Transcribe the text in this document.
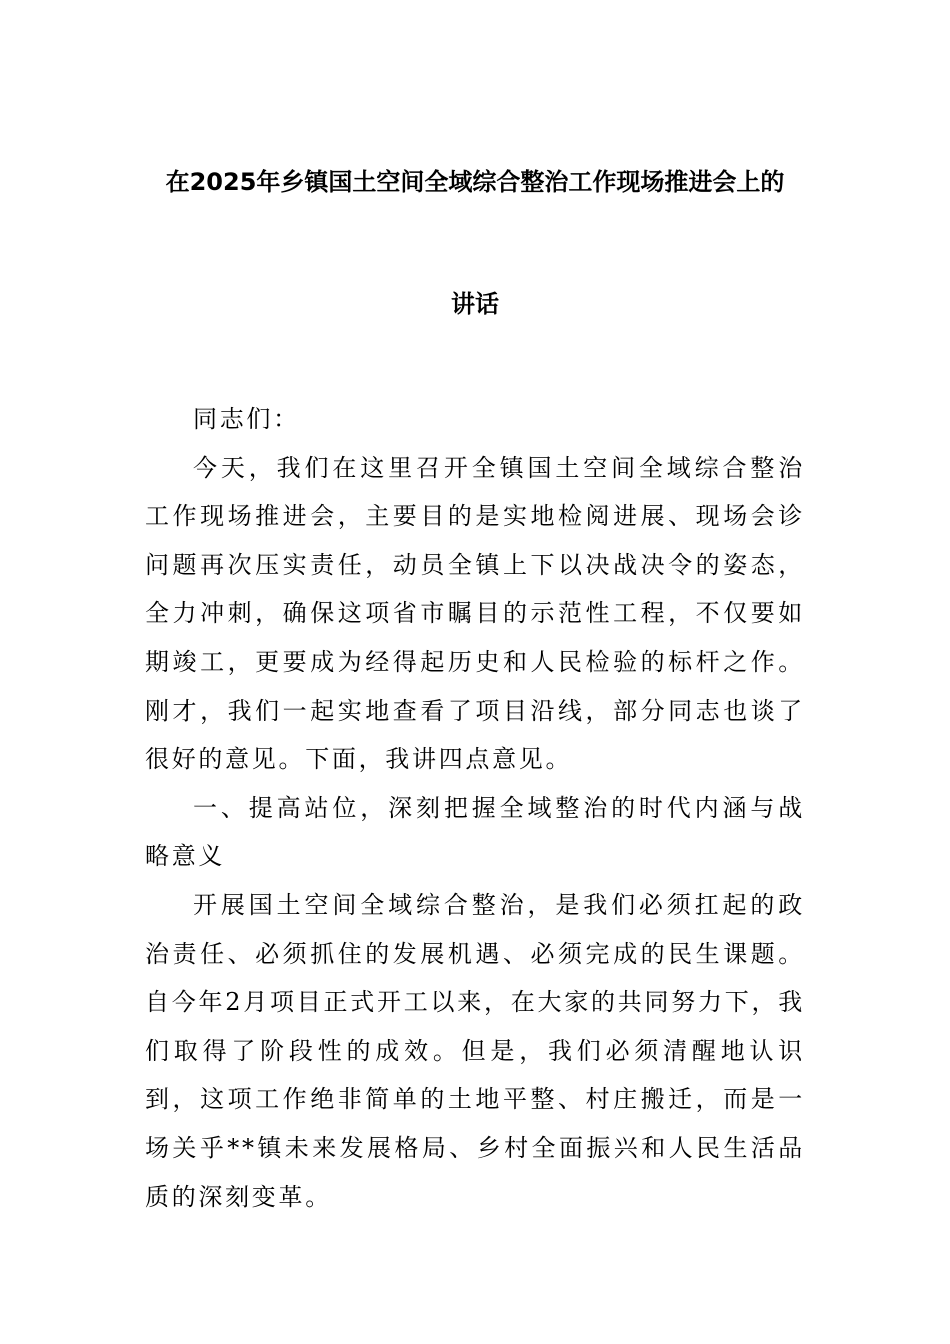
在2025年乡镇国土空间全域综合整治工作现场推进会上的
讲话

同志们：

今天，我们在这里召开全镇国土空间全域综合整治工作现场推进会，主要目的是实地检阅进展、现场会诊问题再次压实责任，动员全镇上下以决战决令的姿态，全力冲刺，确保这项省市瞩目的示范性工程，不仅要如期竣工，更要成为经得起历史和人民检验的标杆之作。刚才，我们一起实地查看了项目沿线，部分同志也谈了很好的意见。下面，我讲四点意见。

一、提高站位，深刻把握全域整治的时代内涵与战略意义

开展国土空间全域综合整治，是我们必须扛起的政治责任、必须抓住的发展机遇、必须完成的民生课题。自今年2月项目正式开工以来，在大家的共同努力下，我们取得了阶段性的成效。但是，我们必须清醒地认识到，这项工作绝非简单的土地平整、村庄搬迁，而是一场关乎**镇未来发展格局、乡村全面振兴和人民生活品质的深刻变革。
